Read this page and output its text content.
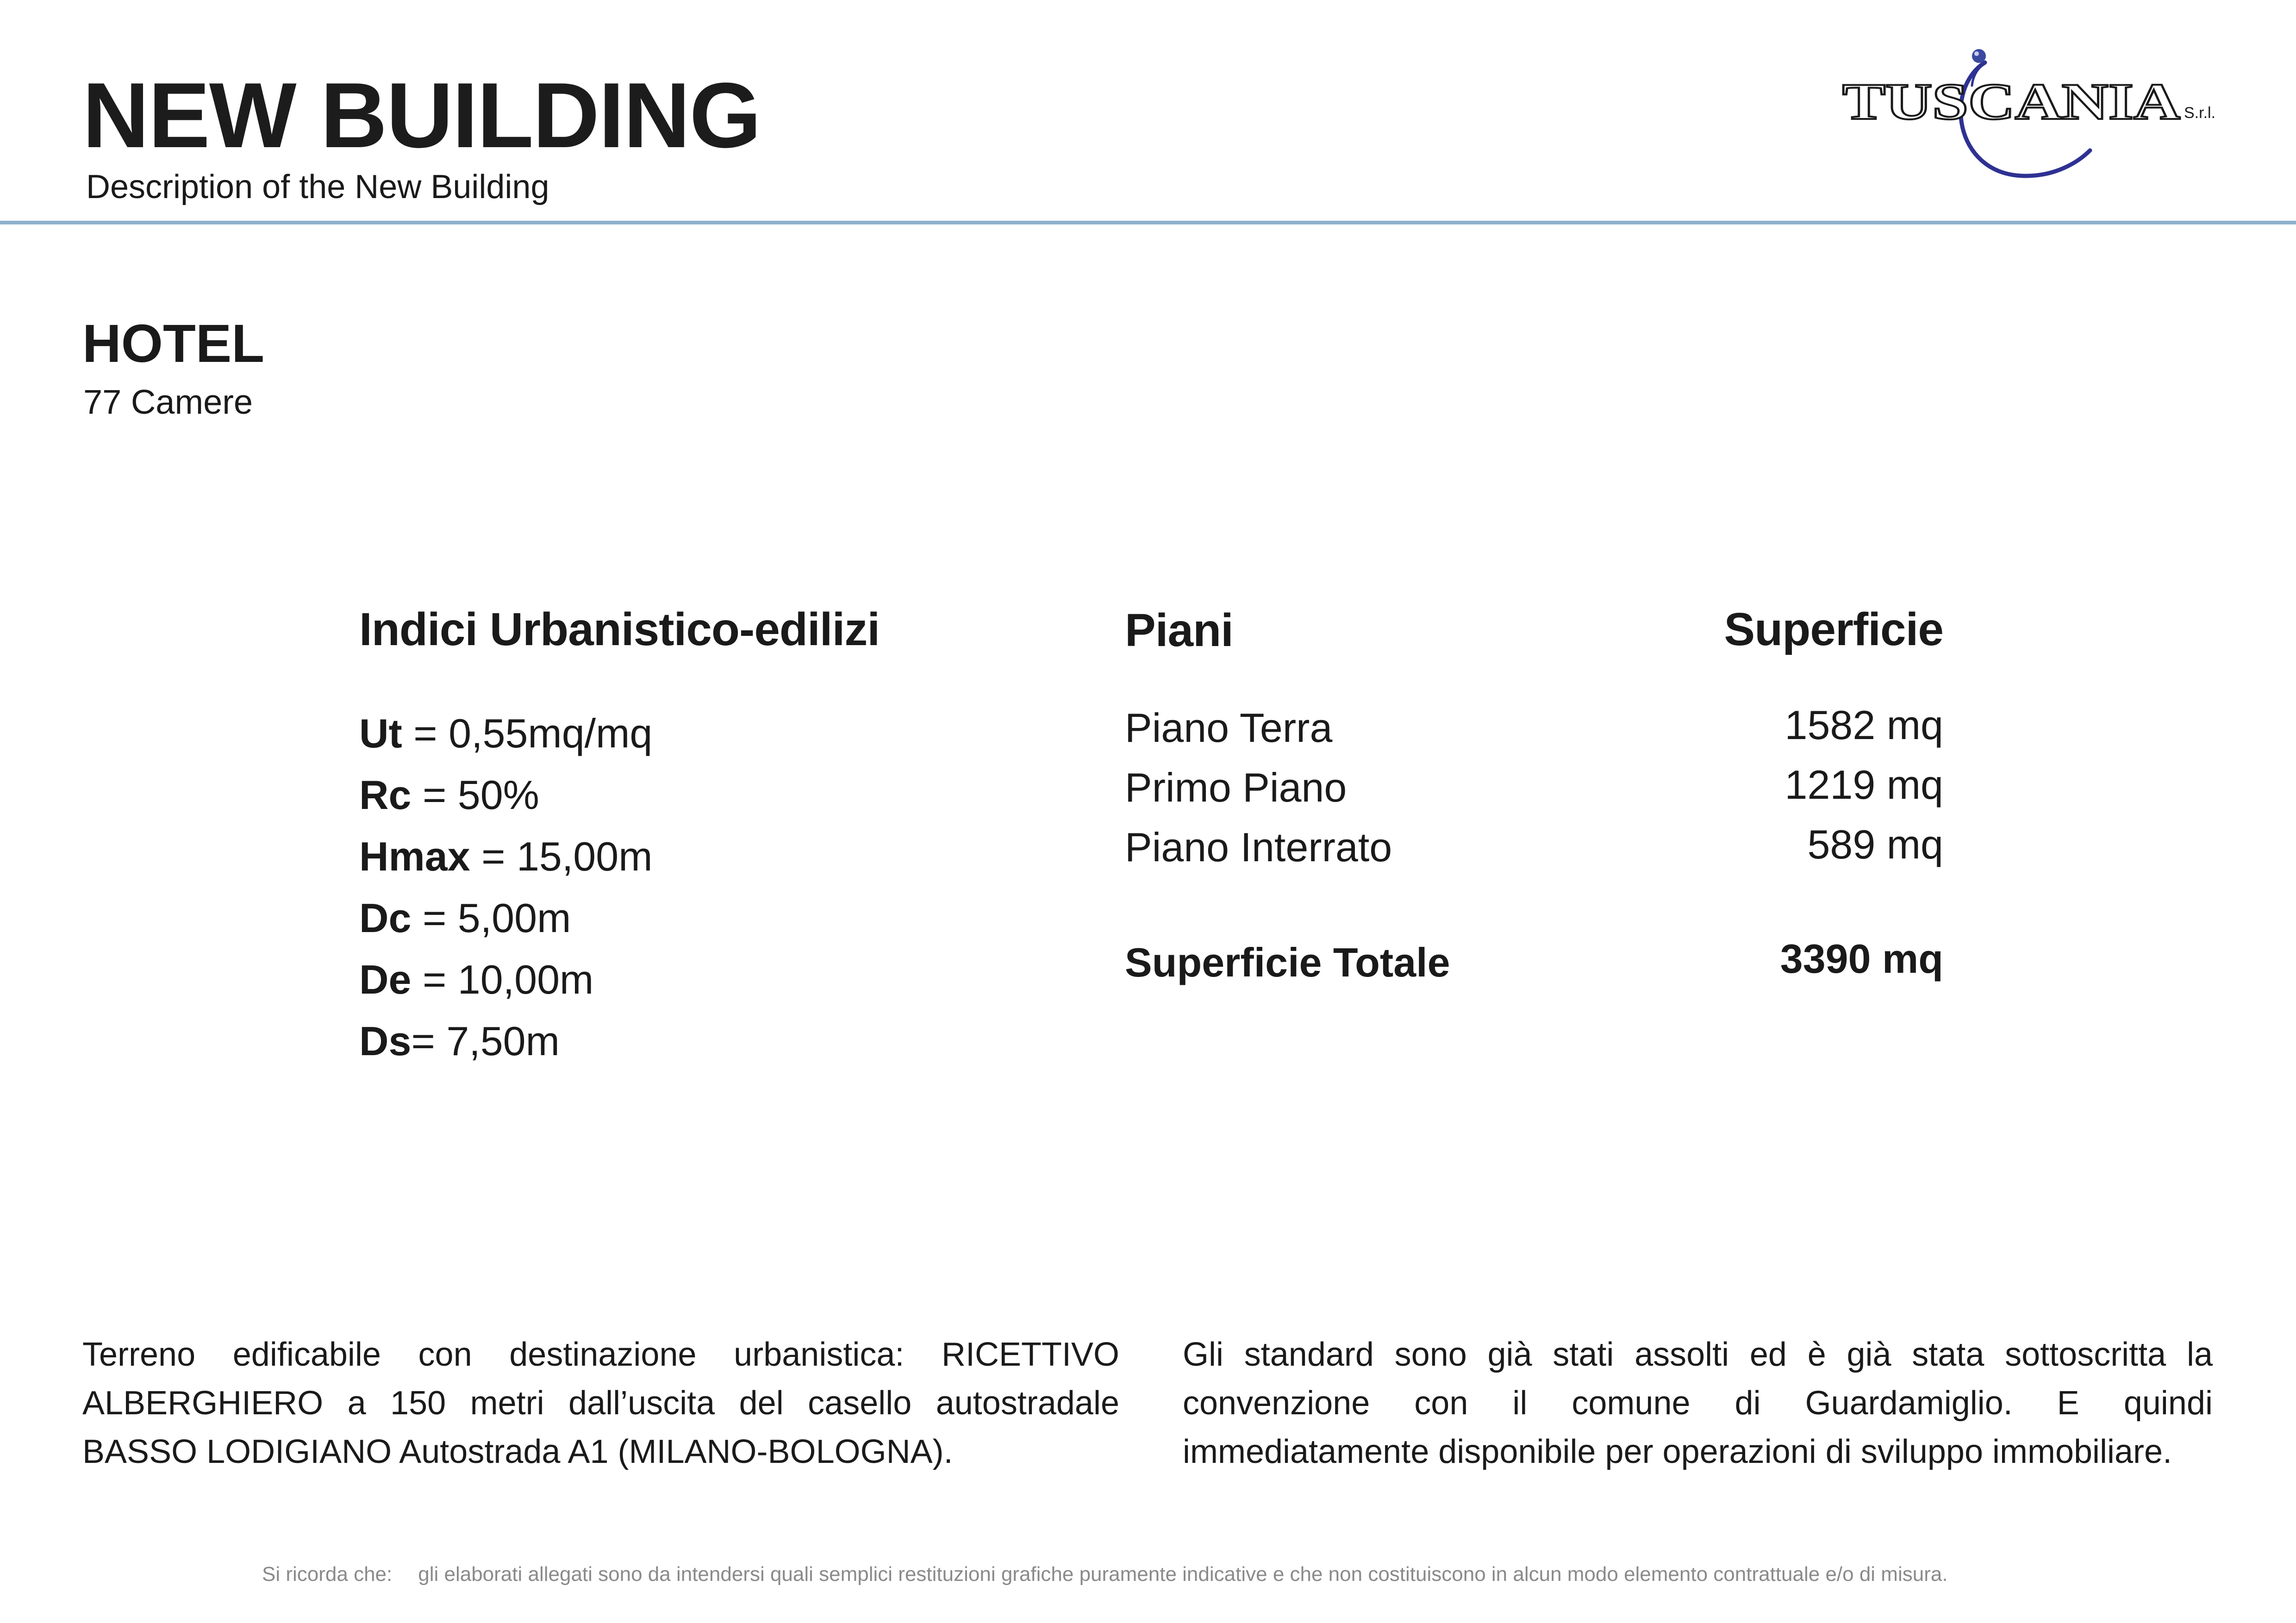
NEW BUILDING
Description of the New Building
TUSCANIA S.r.l.
HOTEL
77 Camere
Indici Urbanistico-edilizi
Ut = 0,55mq/mq
Rc = 50%
Hmax = 15,00m
Dc = 5,00m
De = 10,00m
Ds= 7,50m
Piani	Superficie
Piano Terra	1582 mq
Primo Piano	1219 mq
Piano Interrato	589 mq
Superficie Totale	3390 mq

Terreno edificabile con destinazione urbanistica: RICETTIVO ALBERGHIERO a 150 metri dall’uscita del casello autostradale BASSO LODIGIANO Autostrada A1 (MILANO-BOLOGNA).

Gli standard sono già stati assolti ed è già stata sottoscritta la convenzione con il comune di Guardamiglio. E quindi immediatamente disponibile per operazioni di sviluppo immobiliare.

Si ricorda che: gli elaborati allegati sono da intendersi quali semplici restituzioni grafiche puramente indicative e che non costituiscono in alcun modo elemento contrattuale e/o di misura.
